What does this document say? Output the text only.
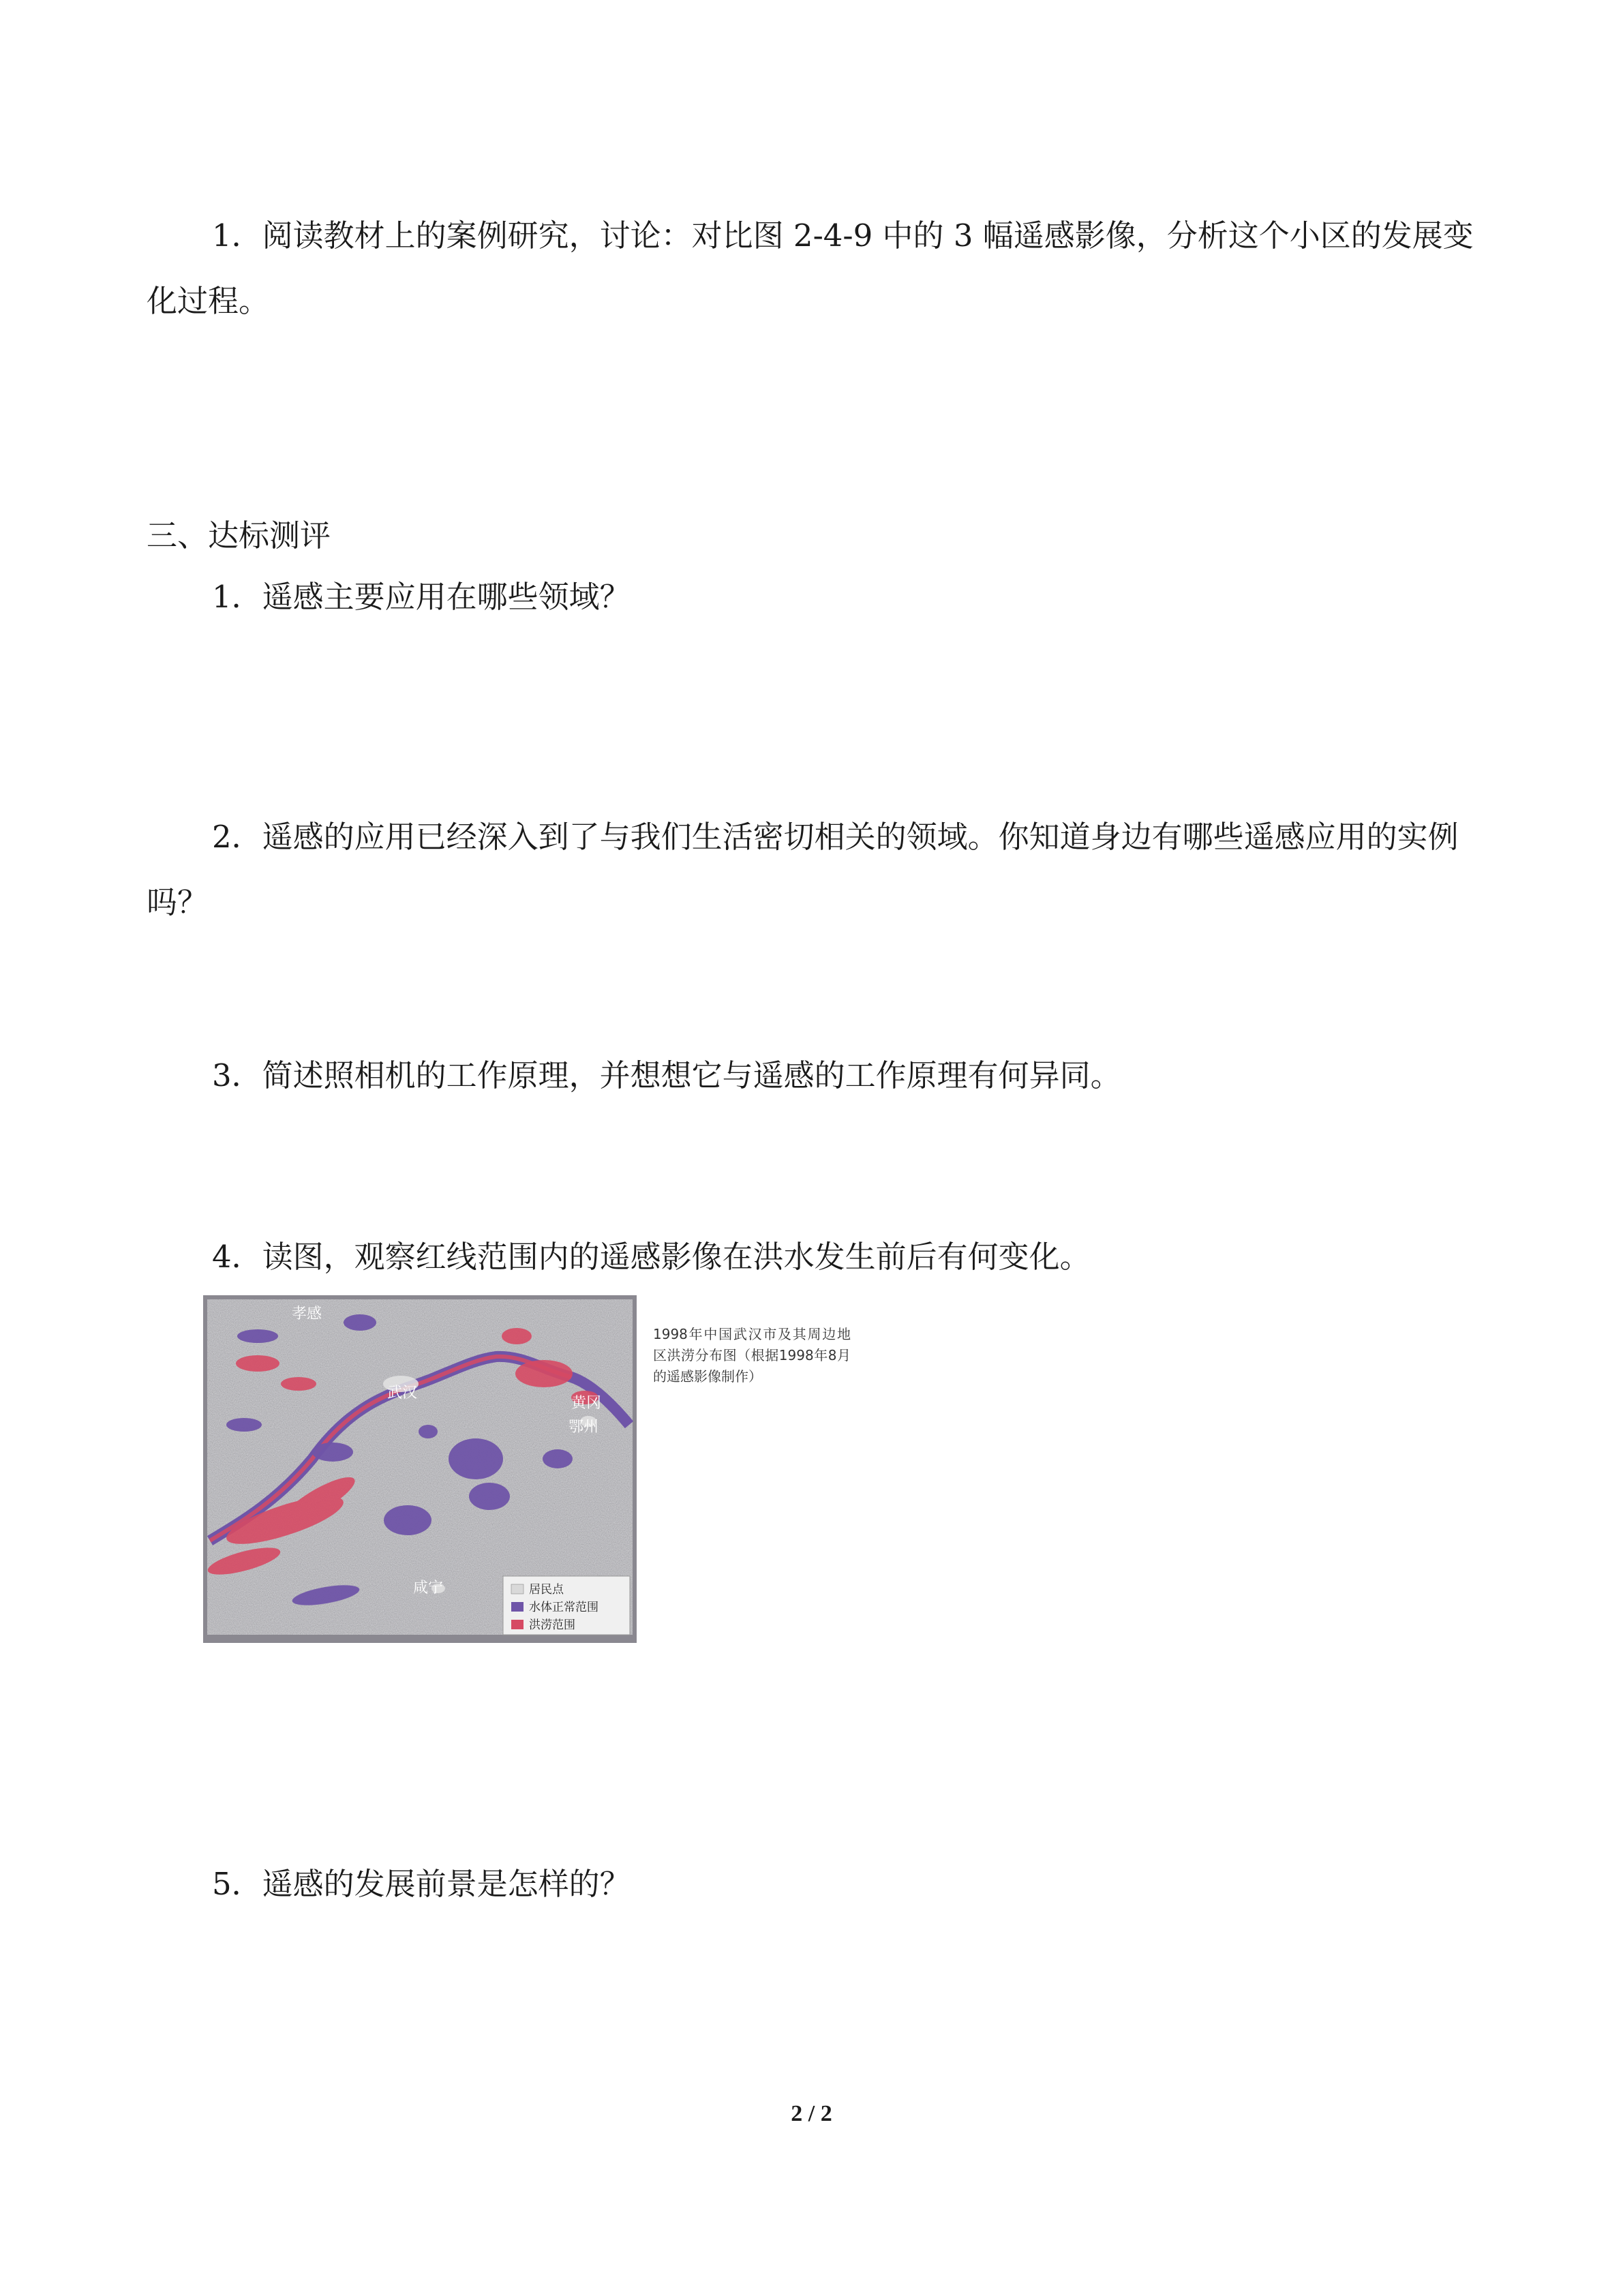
1．阅读教材上的案例研究，讨论：对比图 2-4-9 中的 3 幅遥感影像，分析这个小区的发展变化过程。

三、达标测评

1．遥感主要应用在哪些领域？

2．遥感的应用已经深入到了与我们生活密切相关的领域。你知道身边有哪些遥感应用的实例吗？

3．简述照相机的工作原理，并想想它与遥感的工作原理有何异同。

4．读图，观察红线范围内的遥感影像在洪水发生前后有何变化。

孝感
武汉
黄冈
鄂州
咸宁	居民点
水体正常范围
洪涝范围
1998年中国武汉市及其周边地区洪涝分布图（根据1998年8月的遥感影像制作）

5．遥感的发展前景是怎样的？

2 / 2
